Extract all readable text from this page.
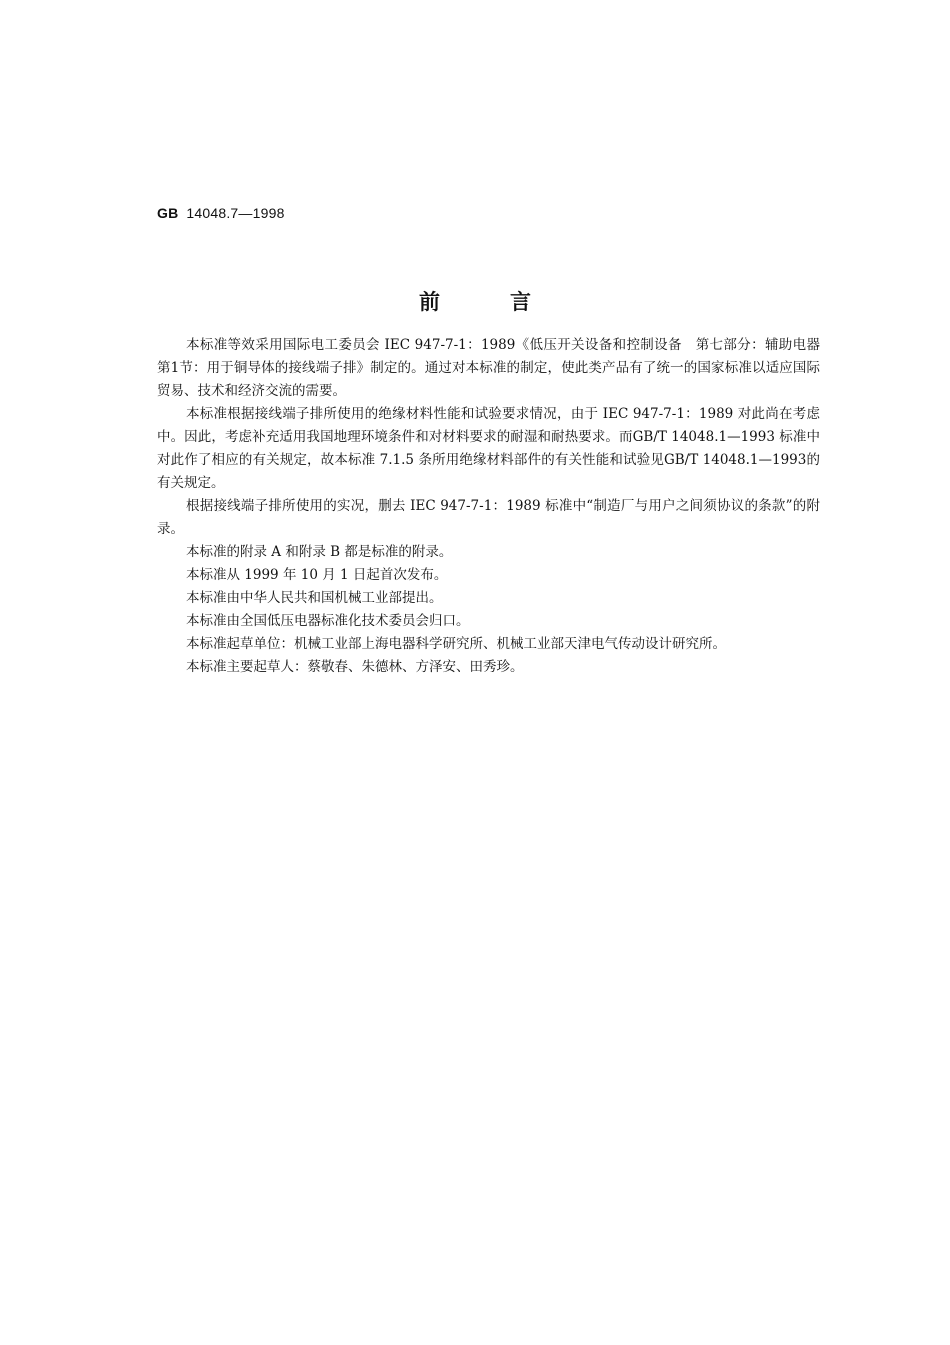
GB 14048.7—1998
前言

本标准等效采用国际电工委员会 IEC 947-7-1：1989《低压开关设备和控制设备　第七部分：辅助电器　第1节：用于铜导体的接线端子排》制定的。通过对本标准的制定，使此类产品有了统一的国家标准以适应国际贸易、技术和经济交流的需要。

本标准根据接线端子排所使用的绝缘材料性能和试验要求情况，由于 IEC 947-7-1：1989 对此尚在考虑中。因此，考虑补充适用我国地理环境条件和对材料要求的耐湿和耐热要求。而GB/T 14048.1—1993 标准中对此作了相应的有关规定，故本标准 7.1.5 条所用绝缘材料部件的有关性能和试验见GB/T 14048.1—1993的有关规定。

根据接线端子排所使用的实况，删去 IEC 947-7-1：1989 标准中“制造厂与用户之间须协议的条款”的附录。

本标准的附录 A 和附录 B 都是标准的附录。

本标准从 1999 年 10 月 1 日起首次发布。

本标准由中华人民共和国机械工业部提出。

本标准由全国低压电器标准化技术委员会归口。

本标准起草单位：机械工业部上海电器科学研究所、机械工业部天津电气传动设计研究所。

本标准主要起草人：蔡敬春、朱德林、方泽安、田秀珍。
